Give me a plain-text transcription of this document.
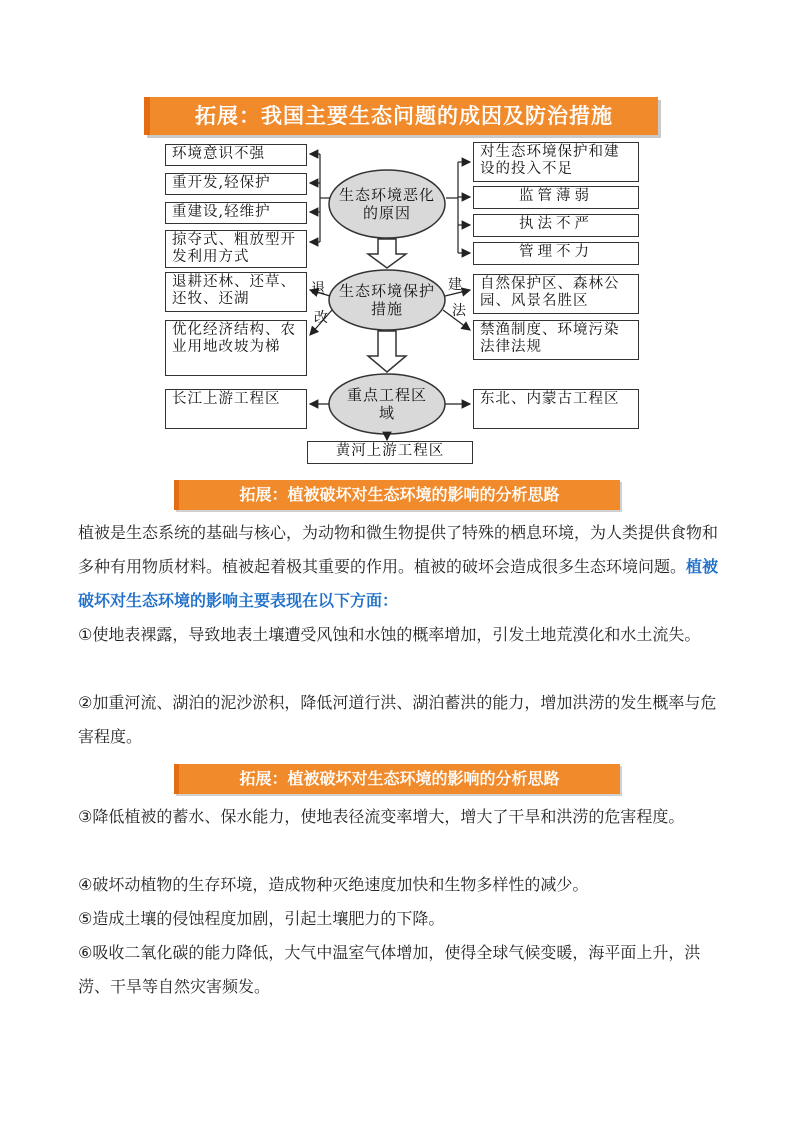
拓展：我国主要生态问题的成因及防治措施
环境意识不强
重开发,轻保护
重建设,轻维护
掠夺式、粗放型开发利用方式
生态环境恶化的原因
生态环境保护措施
重点工程区域
对生态环境保护和建设的投入不足
监管薄弱
执法不严
管理不力
退耕还林、还草、还牧、还湖
优化经济结构、农业用地改坡为梯
退
改
建
法
自然保护区、森林公园、风景名胜区
禁渔制度、环境污染法律法规
长江上游工程区	东北、内蒙古工程区
黄河上游工程区
拓展：植被破坏对生态环境的影响的分析思路

植被是生态系统的基础与核心，为动物和微生物提供了特殊的栖息环境，为人类提供食物和多种有用物质材料。植被起着极其重要的作用。植被的破坏会造成很多生态环境问题。植被破坏对生态环境的影响主要表现在以下方面：

①使地表裸露，导致地表土壤遭受风蚀和水蚀的概率增加，引发土地荒漠化和水土流失。

②加重河流、湖泊的泥沙淤积，降低河道行洪、湖泊蓄洪的能力，增加洪涝的发生概率与危害程度。

拓展：植被破坏对生态环境的影响的分析思路

③降低植被的蓄水、保水能力，使地表径流变率增大，增大了干旱和洪涝的危害程度。

④破坏动植物的生存环境，造成物种灭绝速度加快和生物多样性的减少。

⑤造成土壤的侵蚀程度加剧，引起土壤肥力的下降。

⑥吸收二氧化碳的能力降低，大气中温室气体增加，使得全球气候变暖，海平面上升，洪涝、干旱等自然灾害频发。
